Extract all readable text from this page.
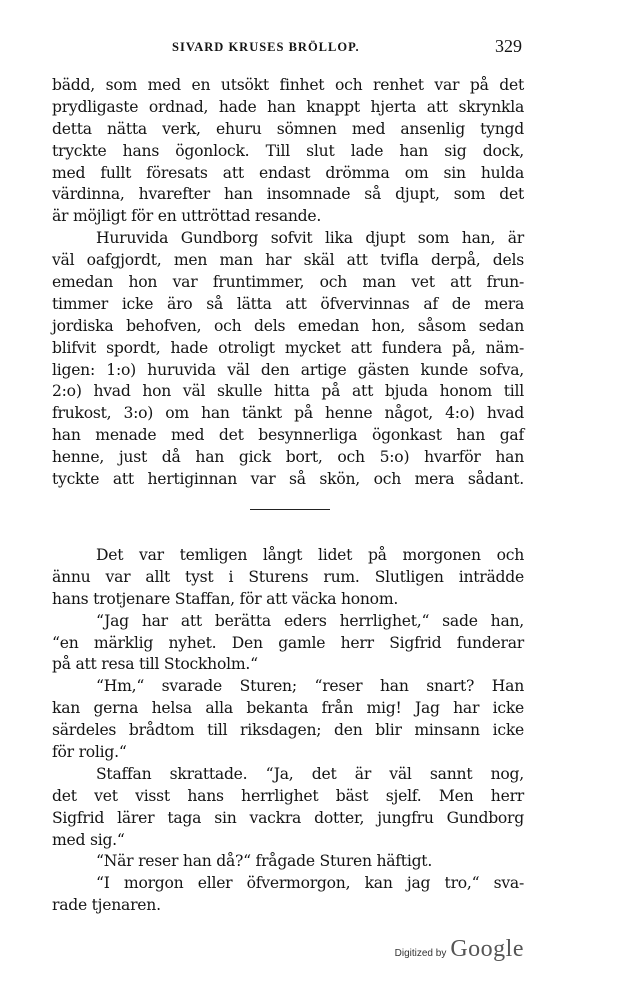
SIVARD KRUSES BRÖLLOP.	329
bädd, som med en utsökt finhet och renhet var på det
prydligaste ordnad, hade han knappt hjerta att skrynkla
detta nätta verk, ehuru sömnen med ansenlig tyngd
tryckte hans ögonlock. Till slut lade han sig dock,
med fullt föresats att endast drömma om sin hulda
värdinna, hvarefter han insomnade så djupt, som det
är möjligt för en uttröttad resande.
Huruvida Gundborg sofvit lika djupt som han, är
väl oafgjordt, men man har skäl att tvifla derpå, dels
emedan hon var fruntimmer, och man vet att frun-
timmer icke äro så lätta att öfvervinnas af de mera
jordiska behofven, och dels emedan hon, såsom sedan
blifvit spordt, hade otroligt mycket att fundera på, näm-
ligen: 1:o) huruvida väl den artige gästen kunde sofva,
2:o) hvad hon väl skulle hitta på att bjuda honom till
frukost, 3:o) om han tänkt på henne något, 4:o) hvad
han menade med det besynnerliga ögonkast han gaf
henne, just då han gick bort, och 5:o) hvarför han
tyckte att hertiginnan var så skön, och mera sådant.
Det var temligen långt lidet på morgonen och
ännu var allt tyst i Sturens rum. Slutligen inträdde
hans trotjenare Staffan, för att väcka honom.
“Jag har att berätta eders herrlighet,“ sade han,
“en märklig nyhet. Den gamle herr Sigfrid funderar
på att resa till Stockholm.“
“Hm,“ svarade Sturen; “reser han snart? Han
kan gerna helsa alla bekanta från mig! Jag har icke
särdeles brådtom till riksdagen; den blir minsann icke
för rolig.“
Staffan skrattade. “Ja, det är väl sannt nog,
det vet visst hans herrlighet bäst sjelf. Men herr
Sigfrid lärer taga sin vackra dotter, jungfru Gundborg
med sig.“
“När reser han då?“ frågade Sturen häftigt.
“I morgon eller öfvermorgon, kan jag tro,“ sva-
rade tjenaren.
Digitized by Google
